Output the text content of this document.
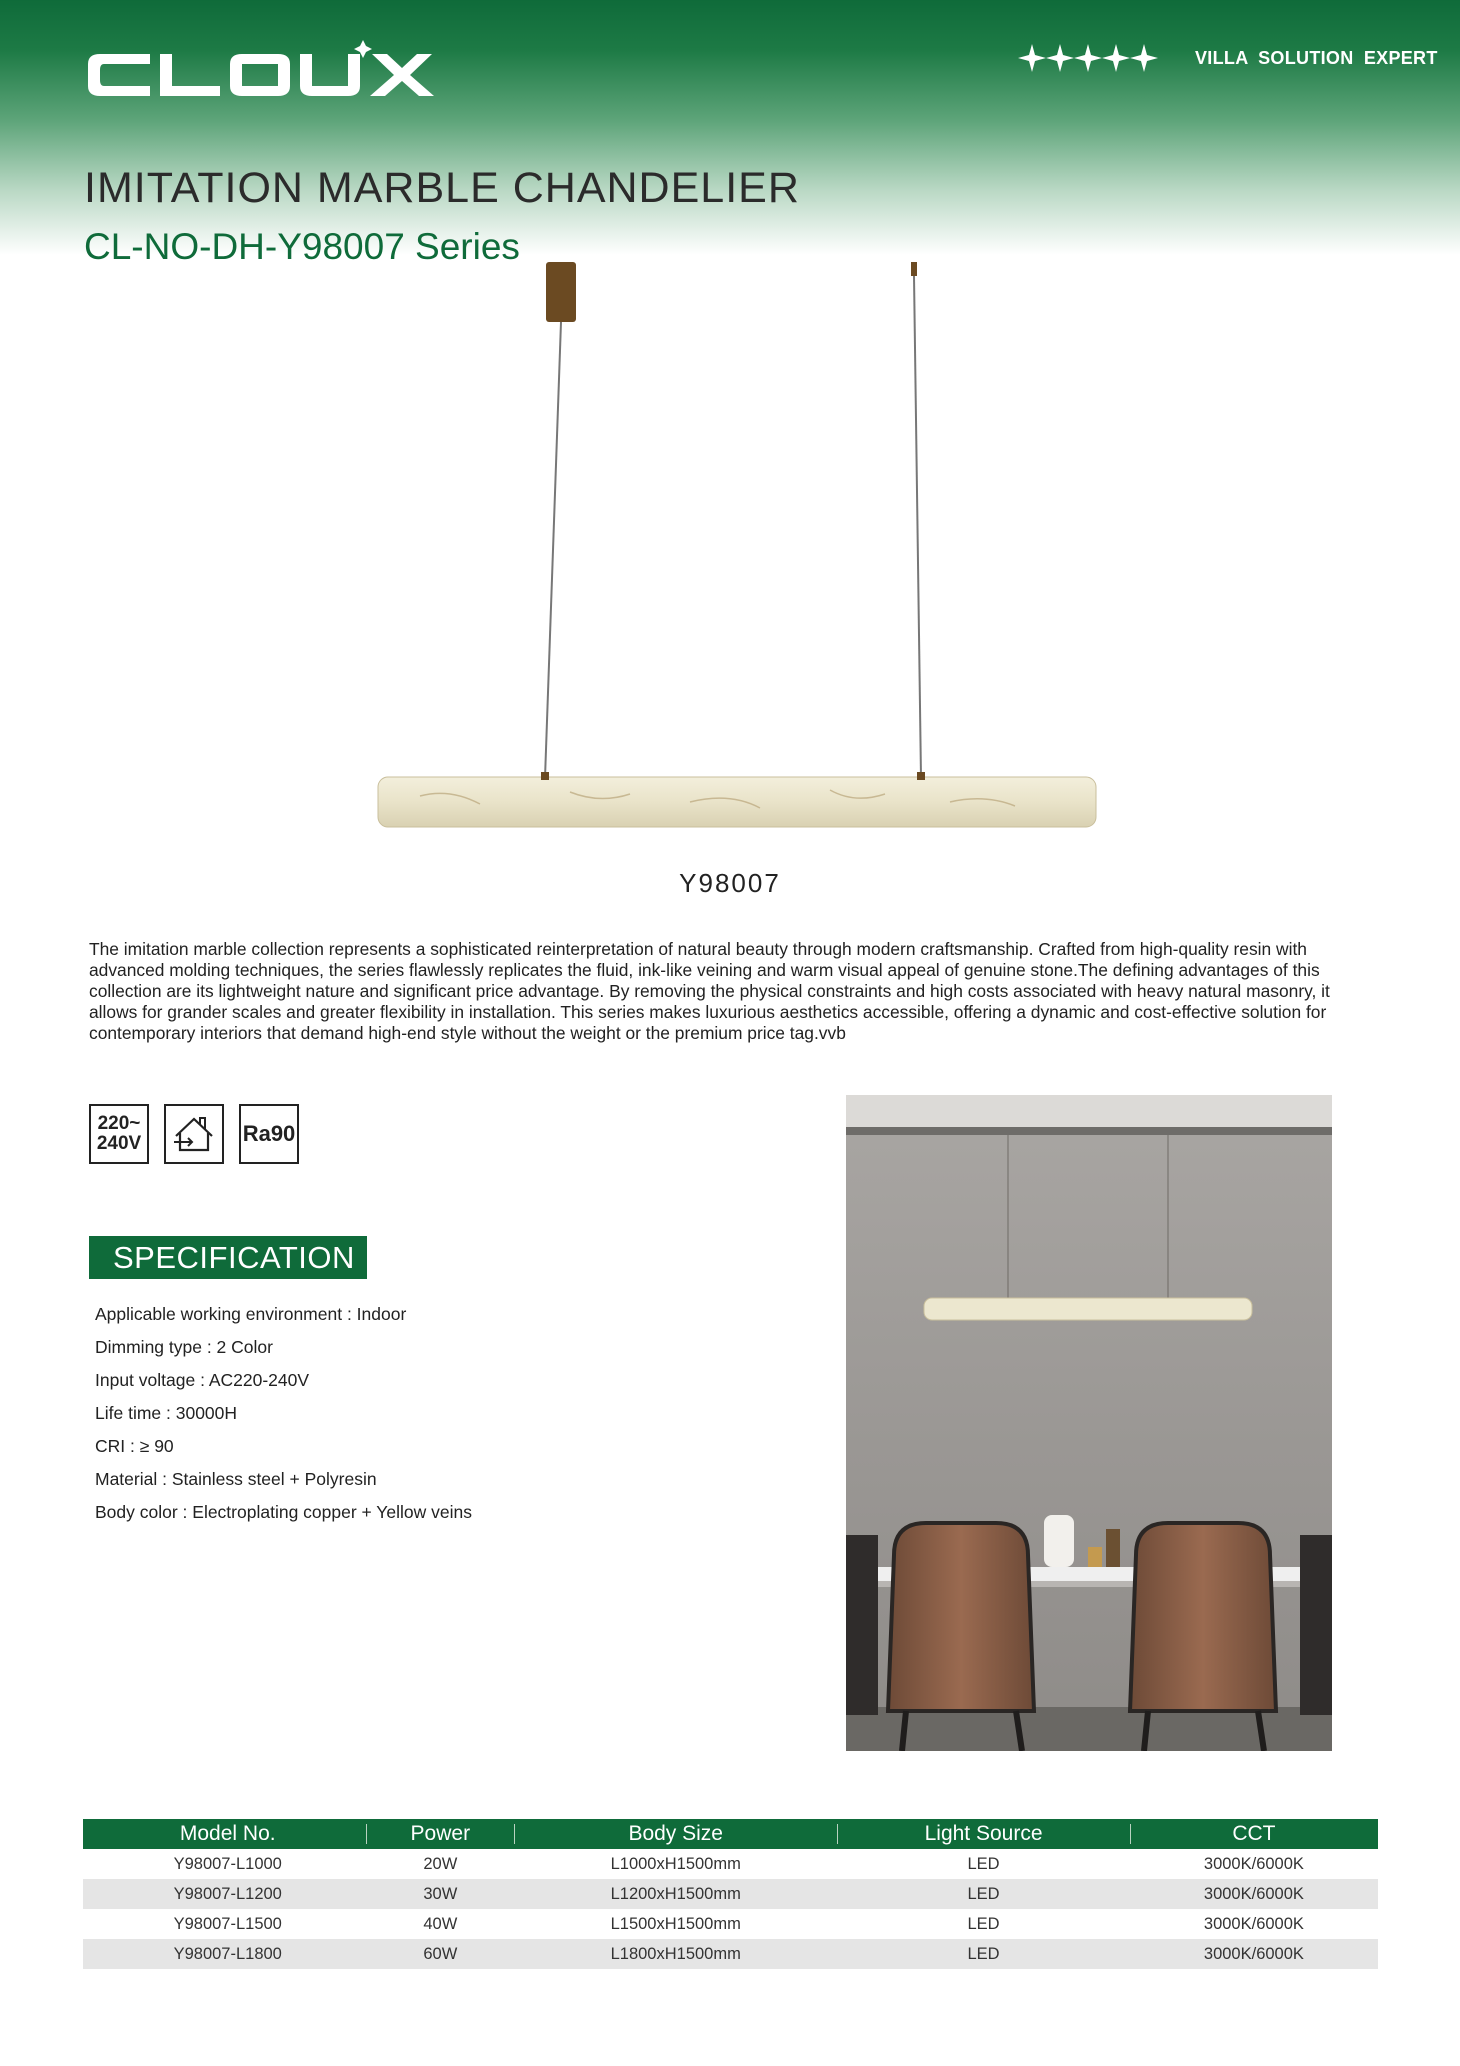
VILLA SOLUTION EXPERT
IMITATION MARBLE CHANDELIER
CL-NO-DH-Y98007 Series
Y98007
The imitation marble collection represents a sophisticated reinterpretation of natural beauty through modern craftsmanship. Crafted from high-quality resin with advanced molding techniques, the series flawlessly replicates the fluid, ink-like veining and warm visual appeal of genuine stone.The defining advantages of this collection are its lightweight nature and significant price advantage. By removing the physical constraints and high costs associated with heavy natural masonry, it allows for grander scales and greater flexibility in installation. This series makes luxurious aesthetics accessible, offering a dynamic and cost-effective solution for contemporary interiors that demand high-end style without the weight or the premium price tag.vvb
220~
240V	Ra90
SPECIFICATION
Applicable working environment : Indoor
Dimming type : 2 Color
Input voltage : AC220-240V
Life time : 30000H
CRI : ≥ 90
Material : Stainless steel + Polyresin
Body color : Electroplating copper + Yellow veins
Model No.	Power	Body Size	Light Source	CCT
Y98007-L1000	20W	L1000xH1500mm	LED	3000K/6000K
Y98007-L1200	30W	L1200xH1500mm	LED	3000K/6000K
Y98007-L1500	40W	L1500xH1500mm	LED	3000K/6000K
Y98007-L1800	60W	L1800xH1500mm	LED	3000K/6000K
